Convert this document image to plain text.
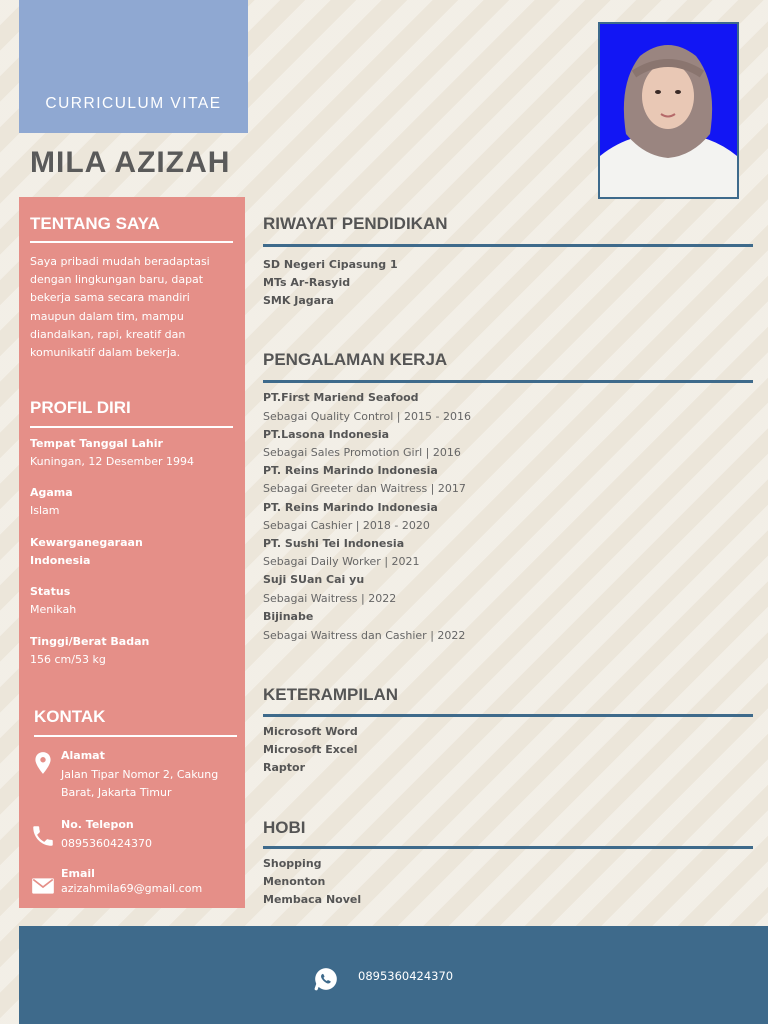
CURRICULUM VITAE
MILA AZIZAH
TENTANG SAYA
Saya pribadi mudah beradaptasi
dengan lingkungan baru, dapat
bekerja sama secara mandiri
maupun dalam tim, mampu
diandalkan, rapi, kreatif dan
komunikatif dalam bekerja.
PROFIL DIRI
Tempat Tanggal Lahir
Kuningan, 12 Desember 1994
Agama
Islam
Kewarganegaraan
Indonesia
Status
Menikah
Tinggi/Berat Badan
156 cm/53 kg
KONTAK
Alamat
Jalan Tipar Nomor 2, Cakung
Barat, Jakarta Timur
No. Telepon
0895360424370
Email
azizahmila69@gmail.com
RIWAYAT PENDIDIKAN
SD Negeri Cipasung 1
MTs Ar-Rasyid
SMK Jagara
PENGALAMAN KERJA
PT.First Mariend Seafood
Sebagai Quality Control | 2015 - 2016
PT.Lasona Indonesia
Sebagai Sales Promotion Girl | 2016
PT. Reins Marindo Indonesia
Sebagai Greeter dan Waitress | 2017
PT. Reins Marindo Indonesia
Sebagai Cashier | 2018 - 2020
PT. Sushi Tei Indonesia
Sebagai Daily Worker | 2021
Suji SUan Cai yu
Sebagai Waitress | 2022
Bijinabe
Sebagai Waitress dan Cashier | 2022
KETERAMPILAN
Microsoft Word
Microsoft Excel
Raptor
HOBI
Shopping
Menonton
Membaca Novel
0895360424370
